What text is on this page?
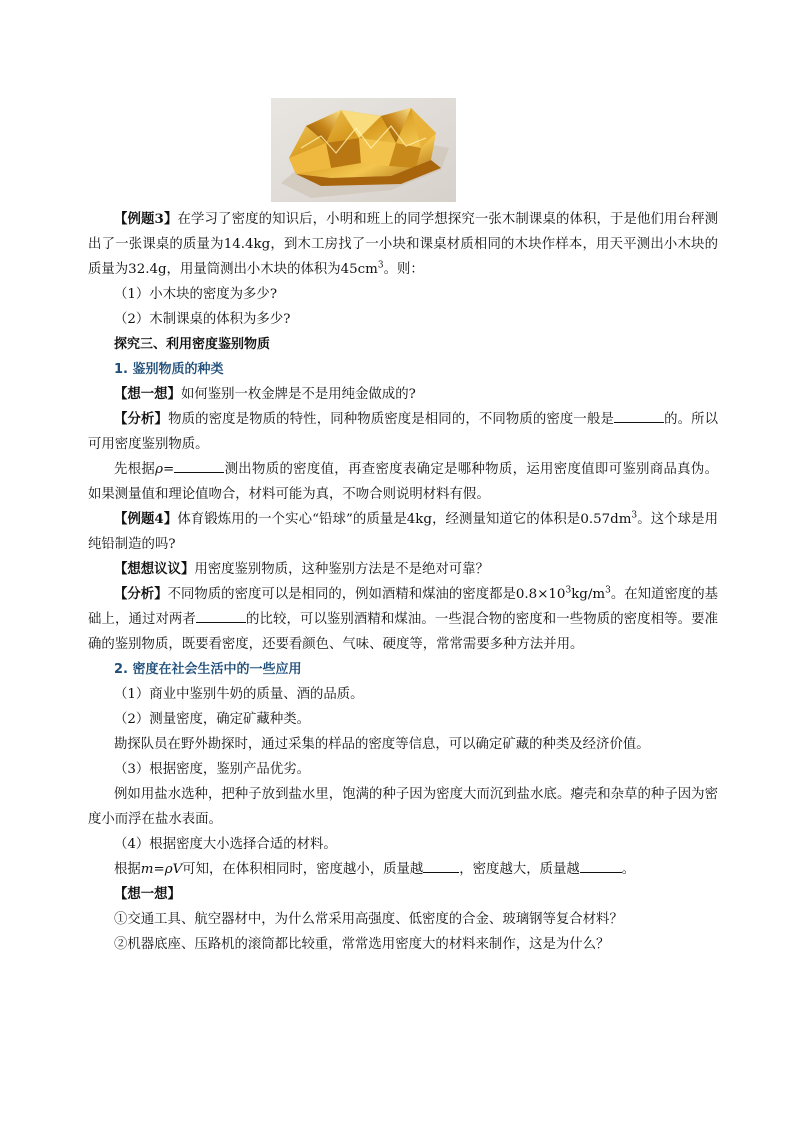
【例题3】在学习了密度的知识后，小明和班上的同学想探究一张木制课桌的体积，于是他们用台秤测出了一张课桌的质量为14.4kg，到木工房找了一小块和课桌材质相同的木块作样本，用天平测出小木块的质量为32.4g，用量筒测出小木块的体积为$45cm^3$。则：

（1）小木块的密度为多少?

（2）木制课桌的体积为多少?

探究三、利用密度鉴别物质

1. 鉴别物质的种类

【想一想】如何鉴别一枚金牌是不是用纯金做成的?

【分析】物质的密度是物质的特性，同种物质密度是相同的，不同物质的密度一般是	的。所以可用密度鉴别物质。

先根据ρ=	测出物质的密度值，再查密度表确定是哪种物质，运用密度值即可鉴别商品真伪。如果测量值和理论值吻合，材料可能为真，不吻合则说明材料有假。

【例题4】体育锻炼用的一个实心“铅球”的质量是4kg，经测量知道它的体积是$0.57dm^3$。这个球是用纯铅制造的吗?

【想想议议】用密度鉴别物质，这种鉴别方法是不是绝对可靠？

【分析】不同物质的密度可以是相同的，例如酒精和煤油的密度都是$0.8\times 10^3kg/m^3$。在知道密度的基础上，通过对两者	的比较，可以鉴别酒精和煤油。一些混合物的密度和一些物质的密度相等。要准确的鉴别物质，既要看密度，还要看颜色、气味、硬度等，常常需要多种方法并用。

2. 密度在社会生活中的一些应用

（1）商业中鉴别牛奶的质量、酒的品质。

（2）测量密度，确定矿藏种类。

勘探队员在野外勘探时，通过采集的样品的密度等信息，可以确定矿藏的种类及经济价值。

（3）根据密度，鉴别产品优劣。

例如用盐水选种，把种子放到盐水里，饱满的种子因为密度大而沉到盐水底。瘪壳和杂草的种子因为密度小而浮在盐水表面。

（4）根据密度大小选择合适的材料。

根据m=ρV可知，在体积相同时，密度越小，质量越	，密度越大，质量越	。

【想一想】

①交通工具、航空器材中，为什么常采用高强度、低密度的合金、玻璃钢等复合材料？

②机器底座、压路机的滚筒都比较重，常常选用密度大的材料来制作，这是为什么？
